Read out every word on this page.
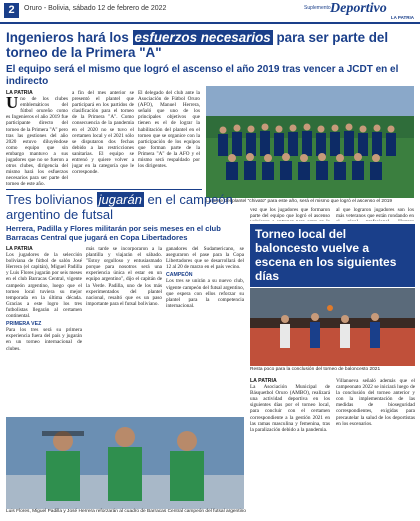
2	Oruro - Bolivia, sábado 12 de febrero de 2022	Suplemento Deportivo
LA PATRIA
Ingenieros hará los esfuerzos necesarios para ser parte del torneo de la Primera "A"
El equipo será el mismo que logró el ascenso el año 2019 tras vencer a JCDT en el indirecto
LA PATRIA
U no de los clubes emblemáticos del fútbol orureño como es Ingenieros el año 2019 fue participante directo del torneo de la Primera "A" pero tras las gestiones del año 2020 estuvo diluyéndose como equipo que sin embargo mantuvo a sus jugadores que no se fueron a otros clubes, dirigencia del mismo hará los esfuerzos necesarios para ser parte del torneo de este año.
a fin del mes anterior se presentó el plantel que participará en los partidos de clasificación para el torneo de la Primera "A". Como consecuencia de la pandemia en el 2020 no se tuvo el certamen local y el 2021 sólo se disputaron dos fechas debido a las restricciones sanitarias. El equipo se entrenó y quiere volver a jugar en la categoría que le corresponde.
El delegado del club ante la Asociación de Fútbol Oruro (AFO), Manuel Herrera, señaló que uno de los principales objetivos que tienen es el de lograr la habilitación del plantel en el torneo que se organice con la participación de los equipos que forman parte de la Primera "A" de la AFO y el mismo será respaldado por los dirigentes.
La base del plantel "chivato" para este año, será el mismo que logró el ascenso el 2019
vez que los jugadores que formaron parte del equipo que logró el ascenso
al que lograron jugadores son los más veteranos que están rondando en
Tres bolivianos jugarán en el campeón argentino de futsal
Herrera, Padilla y Flores militarán por seis meses en el club Barracas Central que jugará en Copa Libertadores
LA PATRIA
Los jugadores de la selección boliviana de fútbol de salón José Herrera (el capitán), Miguel Padilla y Luis Flores jugarán por seis meses en el club Barracas Central, vigente campeón argentino, luego que el torneo local tuviera su mejor temporada en la última década. Gracias a este logro los tres futbolistas llegarán al certamen continental.
PRIMERA VEZ
Para los tres será su primera experiencia fuera del país y jugarán en un torneo internacional de clubes.
más tarde se incorporaron a la plantilla y viajarán el sábado. "Estoy orgulloso y entusiasmado porque para nosotros será una experiencia única el estar en un equipo argentino", dijo el capitán de la Verde. Padilla, uno de los más experimentados del plantel nacional, resaltó que es un paso importante para el futsal boliviano.
ganadores del Sudamericano, se aseguraron el pase para la Copa Libertadores que se desarrollará del 12 al 20 de marzo en el país vecino.
CAMPEÓN
Los tres se unirán a su nuevo club, vigente campeón del futsal argentino, que espera con ellos reforzar su plantel para la competencia internacional.
Luis Flores, Miguel Padilla y José Herrera reforzarán al cuadro de Barracas Central campeón del futsal argentino
Torneo local del baloncesto vuelve a escena en los siguientes días
Resta poco para la conclusión del torneo de baloncesto 2021
LA PATRIA
La Asociación Municipal de Básquetbol Oruro (AMBO), realizará una actividad deportiva en los siguientes días por el torneo local, para concluir con el certamen correspondiente a la gestión 2021 en las ramas masculina y femenina, tras la paralización debido a la pandemia.
Villanueva señaló además que el campeonato 2022 se iniciará luego de la conclusión del torneo anterior y con la implementación de las medidas de bioseguridad correspondientes, exigidas para precautelar la salud de los deportistas en los escenarios.
